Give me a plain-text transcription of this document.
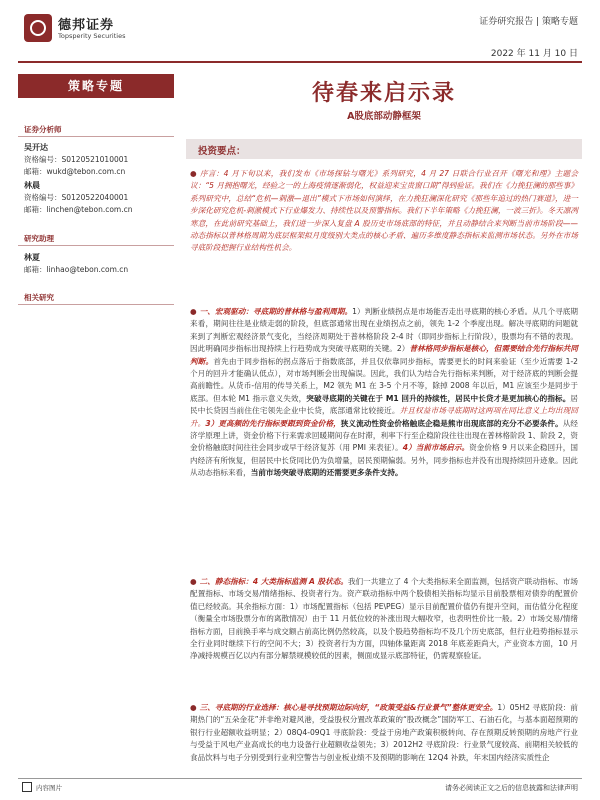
德邦证券
Topsperity Securities
证券研究报告 | 策略专题
2022 年 11 月 10 日
策略专题
证券分析师
吴开达
资格编号：S0120521010001
邮箱：wukd@tebon.com.cn
林晨
资格编号：S0120522040001
邮箱：linchen@tebon.com.cn
研究助理
林夏
邮箱：linhao@tebon.com.cn
相关研究
待春来启示录
A股底部动静框架
投资要点：
● 序言：4 月下旬以来，我们发布《市场探钻与曙光》系列研究，4 月 27 日联合行业召开《曙光和理》主题会议：“5 月拥抱曙光，经验之一的上海疫情逐渐弱化，权益迎来宝贵窗口期”得到验证。我们在《力挽狂澜的那些事》系列研究中，总结“危机—刺激—退出”模式下市场如何演绎，在力挽狂澜深化研究《那些年追过的热门赛道》，进一步深化研究危机-刺激模式下行业爆发力、持续性以及预警指标。我们下半年策略《力挽狂澜，一波三折》。冬天凛冽寒意，在此前研究基础上，我们进一步深入复盘 A 股历史市场底部的特征，并且动静结合来判断当前市场阶段——动态指标以普林格周期为底层框架拟月度级别大类点的核心矛盾、遍历多维度静态指标来监测市场状态。另外在市场寻底阶段把握行业结构性机会。
● 一、宏观驱动：寻底期的普林格与盈利周期。1）判断业绩拐点是市场能否走出寻底期的核心矛盾。从几个寻底期来看，期间往往是业绩走弱的阶段，但底部通常出现在业绩拐点之前，领先 1-2 个季度出现。解决寻底期的问题就来到了判断宏观经济景气变化，当经济周期处于普林格阶段 2-4 时（即同步指标上行阶段），股票均有不错的表现。因此明确同步指标出现持续上行趋势成为突破寻底期的关键。2）普林格同步指标是核心，但需要结合先行指标共同判断。首先由于同步指标的拐点落后于指数底部，并且仅依靠同步指标，需要更长的时间来验证（至少近需要 1-2 个月的回升才能确认低点），对市场判断会出现偏误。因此，我们认为结合先行指标来判断，对于经济底的判断会提高前瞻性。从货币-信用的传导关系上，M2 领先 M1 在 3-5 个月不等，除掉 2008 年以后，M1 应该至少是同步于底部。但本轮 M1 指示意义失效，突破寻底期的关键在于 M1 回升的持续性，居民中长贷才是更加核心的指标。居民中长贷因当前住住宅领先企业中长贷，底部通常比较接近。并且权益市场寻底期时这两项在同比意义上均出现回升。3）更高频的先行指标要跟到资金价格，狭义流动性资金价格触底企稳是熊市出现底部的充分不必要条件。从经济学原理上讲，资金价格下行来需求回暖期间存在时滞，利率下行至企稳阶段往往出现在普林格阶段 1、阶段 2，资金价格触底时间往往会同步或早于经济复苏（用 PMI 来表征）。4）当前市场启示。资金价格 9 月以来企稳回升，国内经济有所恢复，但居民中长贷同比仍为负增量，居民预期偏弱。另外，同步指标也并没有出现持续回升迹象。因此从动态指标来看，当前市场突破寻底期的还需要更多条件支持。
● 二、静态指标：4 大类指标监测 A 股状态。我们一共建立了 4 个大类指标来全面监测，包括资产联动指标、市场配置指标、市场交易/情绪指标、投资者行为。资产联动指标中两个股债相关指标均显示目前股票相对债券的配置价值已经较高。其余指标方面：1）市场配置指标（包括 PE\PEG）显示目前配置价值仍有提升空间，而估值分化程度（衡量全市场股票分布的离散情况）由于 11 月低位较的补涨出现大幅收窄，也表明性价比一般。2）市场交易/情绪指标方面，目前换手率与成交额占前高比例仍然较高，以及个股趋势指标均不及几个历史底部，但行业趋势指标显示全行业同时继续下行的空间不大；3）投资者行为方面，四轴体量距离 2018 年底差距尚大，产业资本方面，10 月净减持规模百亿以内有部分解禁规模较低的因素，侧面成显示底部特征，仍需观察验证。
● 三、寻底期的行业选择：核心是寻找预期边际向好，“政策受益&行业景气”整体更安全。1）05H2 寻底阶段：前期热门的“五朵金花”并非绝对避风港，受益股权分置改革政策的“股改概念”国防军工、石油石化，与基本面超预期的银行行业超额收益明显；2）08Q4-09Q1 寻底阶段：受益于房地产政策积极转向、存在预期反转预期的房地产行业与受益于风电产业高成长的电力设备行业超额收益领先；3）2012H2 寻底阶段：行业景气度较高、前期相关较低的食品饮料与电子分别受到行业利空警告与创业板业绩不及预期的影响在 12Q4 补跌，年末国内经济实质性企
内容图片	请务必阅读正文之后的信息披露和法律声明
